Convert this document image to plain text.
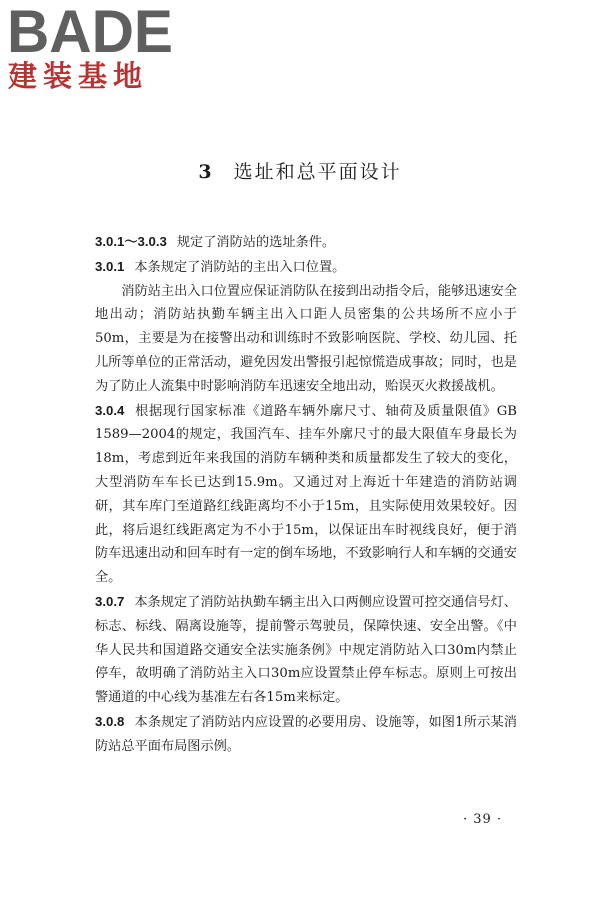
BADE
建装基地
3 选址和总平面设计

3.0.1～3.0.3 规定了消防站的选址条件。

3.0.1 本条规定了消防站的主出入口位置。

消防站主出入口位置应保证消防队在接到出动指令后，能够迅速安全地出动；消防站执勤车辆主出入口距人员密集的公共场所不应小于50m，主要是为在接警出动和训练时不致影响医院、学校、幼儿园、托儿所等单位的正常活动，避免因发出警报引起惊慌造成事故；同时，也是为了防止人流集中时影响消防车迅速安全地出动，贻误灭火救援战机。

3.0.4 根据现行国家标准《道路车辆外廓尺寸、轴荷及质量限值》GB 1589—2004的规定，我国汽车、挂车外廓尺寸的最大限值车身最长为18m，考虑到近年来我国的消防车辆种类和质量都发生了较大的变化，大型消防车车长已达到15.9m。又通过对上海近十年建造的消防站调研，其车库门至道路红线距离均不小于15m，且实际使用效果较好。因此，将后退红线距离定为不小于15m，以保证出车时视线良好，便于消防车迅速出动和回车时有一定的倒车场地，不致影响行人和车辆的交通安全。

3.0.7 本条规定了消防站执勤车辆主出入口两侧应设置可控交通信号灯、标志、标线、隔离设施等，提前警示驾驶员，保障快速、安全出警。《中华人民共和国道路交通安全法实施条例》中规定消防站入口30m内禁止停车，故明确了消防站主入口30m应设置禁止停车标志。原则上可按出警通道的中心线为基准左右各15m来标定。

3.0.8 本条规定了消防站内应设置的必要用房、设施等，如图1所示某消防站总平面布局图示例。

· 39 ·
